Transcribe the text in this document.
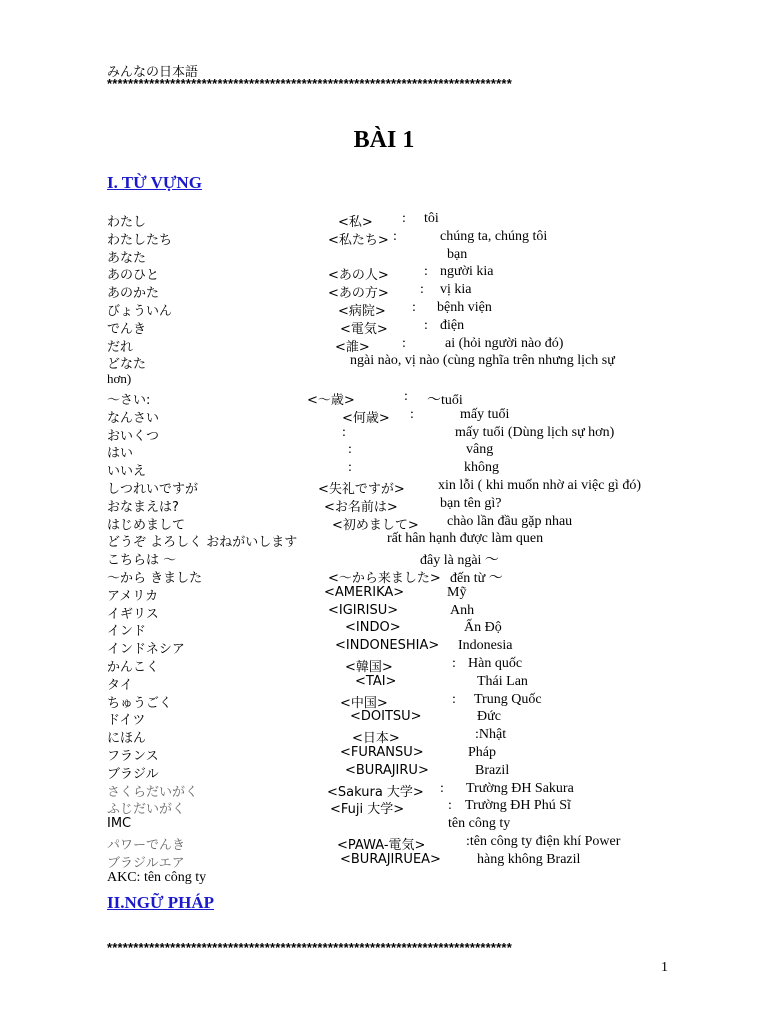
みんなの日本語
*****************************************************************************
BÀI 1
I. TỪ VỰNG
わたし	<私> : tôi
わたしたち	<私たち> :	chúng ta, chúng tôi
あなた	bạn
あのひと	<あの人>	: người kia
あのかた	<あの方> : vị kia
びょういん	<病院> : bệnh viện
でんき	<電気>	: điện
だれ	<誰> :	ai (hỏi người nào đó)
どなた	ngài nào, vị nào (cùng nghĩa trên nhưng lịch sự
hơn)
～さい:	<～歳>	: ～tuổi
なんさい	<何歳> :	mấy tuổi
おいくつ	:	mấy tuổi (Dùng lịch sự hơn)
はい	:	vâng
いいえ	:	không
しつれいですが	<失礼ですが> xin lỗi ( khi muốn nhờ ai việc gì đó)
おなまえは?	<お名前は>	bạn tên gì?
はじめまして	<初めまして> chào lần đầu gặp nhau
どうぞ よろしく おねがいします	rất hân hạnh được làm quen
こちらは ～	đây là ngài ～
～から きました	<～から来ました> đến từ ～
アメリカ	<AMERIKA>	Mỹ
イギリス	<IGIRISU>	Anh
インド	<INDO>	Ấn Độ
インドネシア	<INDONESHIA> Indonesia
かんこく	<韓国>	: Hàn quốc
タイ	<TAI>	Thái Lan
ちゅうごく	<中国>	: Trung Quốc
ドイツ	<DOITSU>	Đức
にほん	<日本>	:Nhật
フランス	<FURANSU>	Pháp
ブラジル	<BURAJIRU>	Brazil
さくらだいがく	<Sakura 大学> : Trường ĐH Sakura
ふじだいがく	<Fuji 大学>	: Trường ĐH Phú Sĩ
IMC	tên công ty
パワーでんき	<PAWA-電気>	:tên công ty điện khí Power
ブラジルエア	<BURAJIRUEA>	hàng không Brazil
AKC: tên công ty
II.NGỮ PHÁP
*****************************************************************************
1
